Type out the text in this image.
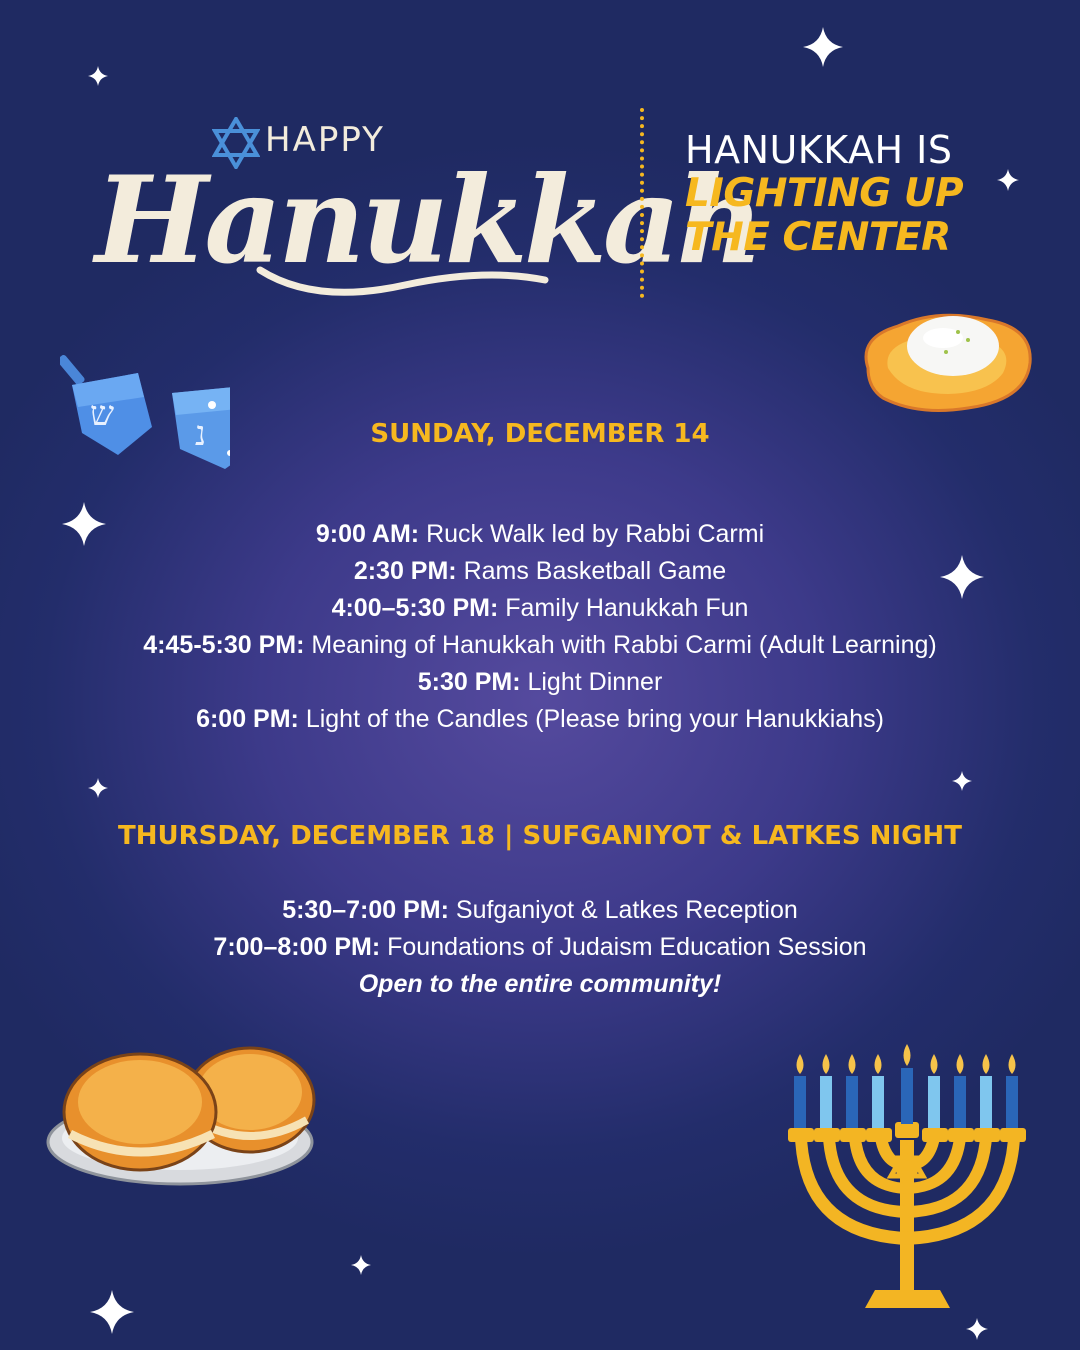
HAPPY
Hanukkah
HANUKKAH IS
LIGHTING UP
THE CENTER
ש נ	SUNDAY, DECEMBER 14
9:00 AM: Ruck Walk led by Rabbi Carmi
2:30 PM: Rams Basketball Game
4:00–5:30 PM: Family Hanukkah Fun
4:45-5:30 PM: Meaning of Hanukkah with Rabbi Carmi (Adult Learning)
5:30 PM: Light Dinner
6:00 PM: Light of the Candles (Please bring your Hanukkiahs)
THURSDAY, DECEMBER 18 | SUFGANIYOT & LATKES NIGHT
5:30–7:00 PM: Sufganiyot & Latkes Reception
7:00–8:00 PM: Foundations of Judaism Education Session
Open to the entire community!
